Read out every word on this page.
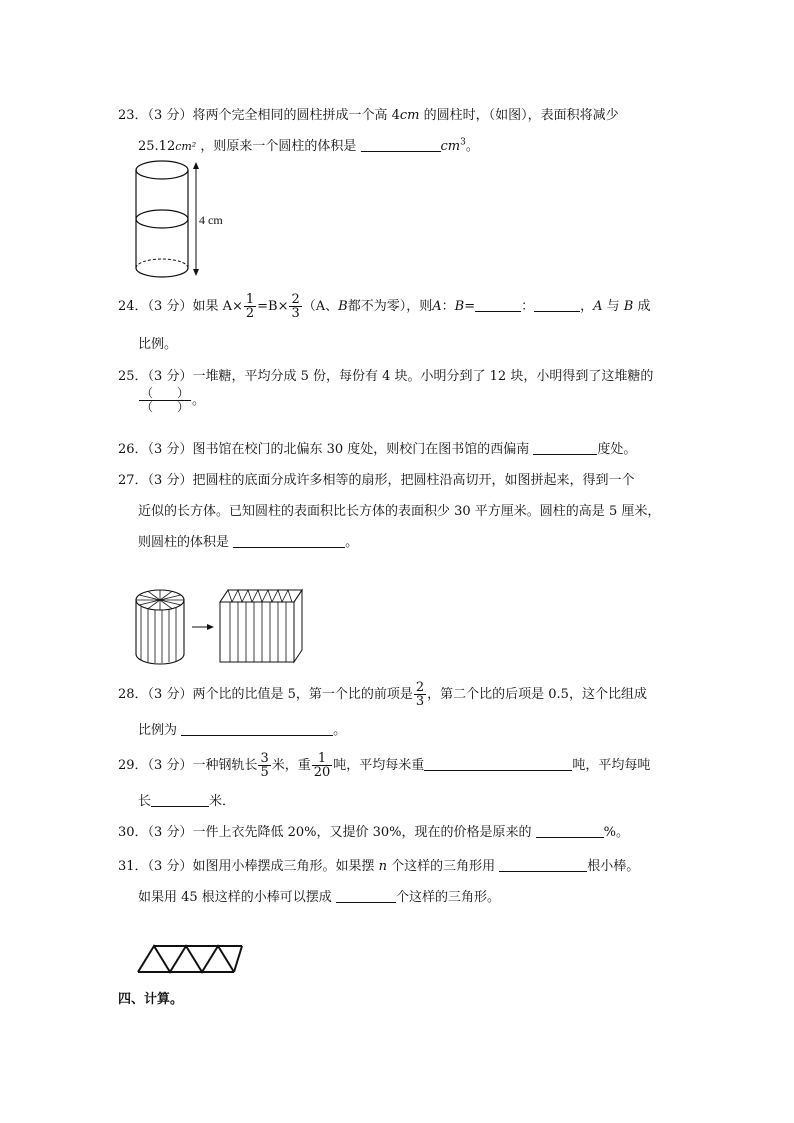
23．（3 分）将两个完全相同的圆柱拼成一个高 4cm 的圆柱时，（如图），表面积将减少
25.12cm² ，则原来一个圆柱的体积是	$cm^3$。
4 cm
24．（3 分）如果 $A\times \frac{1}{2} =B\times \frac{2}{3} (A$、B都不为零），则A：B=	：	，A 与 B 成
比例。
25．（3 分）一堆糖，平均分成 5 份，每份有 4 块。小明分到了 12 块，小明得到了这堆糖的
$\frac{( )}{( )}$ 。
26．（3 分）图书馆在校门的北偏东 30 度处，则校门在图书馆的西偏南	度处。
27．（3 分）把圆柱的底面分成许多相等的扇形，把圆柱沿高切开，如图拼起来，得到一个
近似的长方体。已知圆柱的表面积比长方体的表面积少 30 平方厘米。圆柱的高是 5 厘米，
则圆柱的体积是	。
28．（3 分）两个比的比值是 5，第一个比的前项是 $\frac{2}{3}$ ，第二个比的后项是 0.5，这个比组成
比例为	。
29．（3 分）一种钢轨长 $\frac{3}{5}$ 米，重 $\frac{1}{20}$ 吨，平均每米重	吨，平均每吨
长	米．
30．（3 分）一件上衣先降低 20%，又提价 30%，现在的价格是原来的	%。
31．（3 分）如图用小棒摆成三角形。如果摆 n 个这样的三角形用	根小棒。
如果用 45 根这样的小棒可以摆成	个这样的三角形。
四、计算。
